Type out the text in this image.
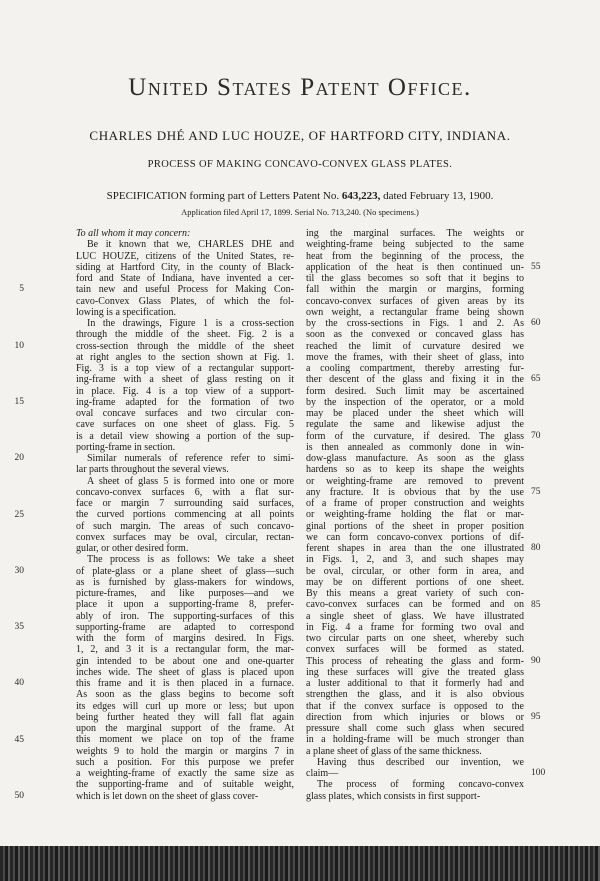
United States Patent Office.
CHARLES DHÉ AND LUC HOUZE, OF HARTFORD CITY, INDIANA.
PROCESS OF MAKING CONCAVO-CONVEX GLASS PLATES.
SPECIFICATION forming part of Letters Patent No. 643,223, dated February 13, 1900.
Application filed April 17, 1899. Serial No. 713,240. (No specimens.)
To all whom it may concern:
Be it known that we, CHARLES DHÉ and
LUC HOUZE, citizens of the United States, re-
siding at Hartford City, in the county of Black-
ford and State of Indiana, have invented a cer-
tain new and useful Process for Making Con-
cavo-Convex Glass Plates, of which the fol-
lowing is a specification.
In the drawings, Figure 1 is a cross-section
through the middle of the sheet. Fig. 2 is a
cross-section through the middle of the sheet
at right angles to the section shown at Fig. 1.
Fig. 3 is a top view of a rectangular support-
ing-frame with a sheet of glass resting on it
in place. Fig. 4 is a top view of a support-
ing-frame adapted for the formation of two
oval concave surfaces and two circular con-
cave surfaces on one sheet of glass. Fig. 5
is a detail view showing a portion of the sup-
porting-frame in section.
Similar numerals of reference refer to simi-
lar parts throughout the several views.
A sheet of glass 5 is formed into one or more
concavo-convex surfaces 6, with a flat sur-
face or margin 7 surrounding said surfaces,
the curved portions commencing at all points
of such margin. The areas of such concavo-
convex surfaces may be oval, circular, rectan-
gular, or other desired form.
The process is as follows: We take a sheet
of plate-glass or a plane sheet of glass—such
as is furnished by glass-makers for windows,
picture-frames, and like purposes—and we
place it upon a supporting-frame 8, prefer-
ably of iron. The supporting-surfaces of this
supporting-frame are adapted to correspond
with the form of margins desired. In Figs.
1, 2, and 3 it is a rectangular form, the mar-
gin intended to be about one and one-quarter
inches wide. The sheet of glass is placed upon
this frame and it is then placed in a furnace.
As soon as the glass begins to become soft
its edges will curl up more or less; but upon
being further heated they will fall flat again
upon the marginal support of the frame. At
this moment we place on top of the frame
weights 9 to hold the margin or margins 7 in
such a position. For this purpose we prefer
a weighting-frame of exactly the same size as
the supporting-frame and of suitable weight,
which is let down on the sheet of glass cover-
ing the marginal surfaces. The weights or
weighting-frame being subjected to the same
heat from the beginning of the process, the
application of the heat is then continued un-
til the glass becomes so soft that it begins to
fall within the margin or margins, forming
concavo-convex surfaces of given areas by its
own weight, a rectangular frame being shown
by the cross-sections in Figs. 1 and 2. As
soon as the convexed or concaved glass has
reached the limit of curvature desired we
move the frames, with their sheet of glass, into
a cooling compartment, thereby arresting fur-
ther descent of the glass and fixing it in the
form desired. Such limit may be ascertained
by the inspection of the operator, or a mold
may be placed under the sheet which will
regulate the same and likewise adjust the
form of the curvature, if desired. The glass
is then annealed as commonly done in win-
dow-glass manufacture. As soon as the glass
hardens so as to keep its shape the weights
or weighting-frame are removed to prevent
any fracture. It is obvious that by the use
of a frame of proper construction and weights
or weighting-frame holding the flat or mar-
ginal portions of the sheet in proper position
we can form concavo-convex portions of dif-
ferent shapes in area than the one illustrated
in Figs. 1, 2, and 3, and such shapes may
be oval, circular, or other form in area, and
may be on different portions of one sheet.
By this means a great variety of such con-
cavo-convex surfaces can be formed and on
a single sheet of glass. We have illustrated
in Fig. 4 a frame for forming two oval and
two circular parts on one sheet, whereby such
convex surfaces will be formed as stated.
This process of reheating the glass and form-
ing these surfaces will give the treated glass
a luster additional to that it formerly had and
strengthen the glass, and it is also obvious
that if the convex surface is opposed to the
direction from which injuries or blows or
pressure shall come such glass when secured
in a holding-frame will be much stronger than
a plane sheet of glass of the same thickness.
Having thus described our invention, we
claim—
The process of forming concavo-convex
glass plates, which consists in first support-
5
10
15
20
25
30
35
40
45
50
55
60
65
70
75
80
85
90
95
100
